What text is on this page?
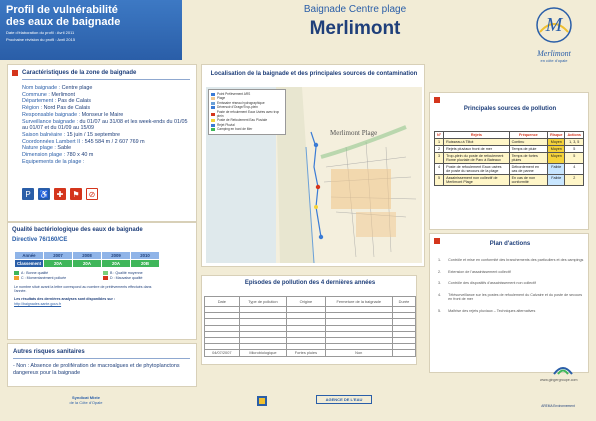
Profil de vulnérabilité
des eaux de baignade
Date d'élaboration du profil : Avril 2011
Prochaine révision du profil : Avril 2015
Baignade Centre plage
Merlimont	M
Merlimont
en côte d'opale
Caractéristiques de la zone de baignade
Nom baignade : Centre plage
Commune : Merlimont
Département : Pas de Calais
Région : Nord Pas de Calais
Responsable baignade : Monseur le Maire
Surveillance baignade : du 01/07 au 31/08 et les week-ends du 01/05 au 01/07 et du 01/09 au 15/09
Saison balnéaire : 15 juin / 15 septembre
Coordonnées Lambert II : 545 584 m / 2 607 769 m
Nature plage : Sable
Dimension plage : 780 x 40 m
Equipements de la plage :
P	♿ ✚	⚑	⊘
Qualité bactériologique des eaux de baignade
Directive 76/160/CE
Année	2007	2008	2009	2010
Classement	20A	20A	20A	20B
A : Bonne qualité	B : Qualité moyenne
C : Momentanément polluée	D : Mauvaise qualité
Le nombre situé avant la lettre correspond au nombre de prélèvements effectués dans l'année.
Les résultats des dernières analyses sont disponibles sur :
http://baignades.sante.gouv.fr
Autres risques sanitaires
- Non : Absence de prolifération de macroalgues et de phytoplanctons dangereux pour la baignade
Localisation de la baignade et des principales sources de contamination
Point Prélèvement ARS
Plage
Emissaire réseau hydrographique
Déversoir d'Orage/Trop-plein
Poste de refoulement Eaux Usées avec trop plein
Poste de Refoulement Eau Pluviale
Rejet Pluvial
Camping en bord de Mer	Merlimont Plage
Principales sources de pollution
N°	Rejets	Fréquence	Risque	Actions
1	Ruisseau à Tiltot	Continu	Moyen	1, 3, 5
2	Rejets pluviaux front de mer	Temps de pluie	Moyen	5
3	Trop-plein du poste de refoulement Rome pluviale de Parc à Bateaux	Temps de fortes pluies	Moyen	5
4	Poste de refoulement Eaux usées de poste du secours de la plage	Débordement en cas de panne	Faible	4
5	Assainissement non collectif de Merlimont Plage	En cas de non conformité	Faible	2
Episodes de pollution des 4 dernières années
Date	Type de pollution	Origine	Fermeture de la baignade	Durée

04/07/2007	Microbiologique	Fortes pluies	Non	
Plan d'actions
1. Contrôle et mise en conformité des branchements des particuliers et des campings
2. Extension de l'assainissement collectif
3. Contrôle des dispositifs d'assainissement non collectif
4. Télésurveillance sur les postes de refoulement du Calvaire et du poste de secours en front de mer
5. Maîtrise des rejets pluviaux – Techniques alternatives
www.gingergroupe.com
Syndicat Mixte
de la Côte d'Opale
AGENCE DE L'EAU
AREMA Environnement
